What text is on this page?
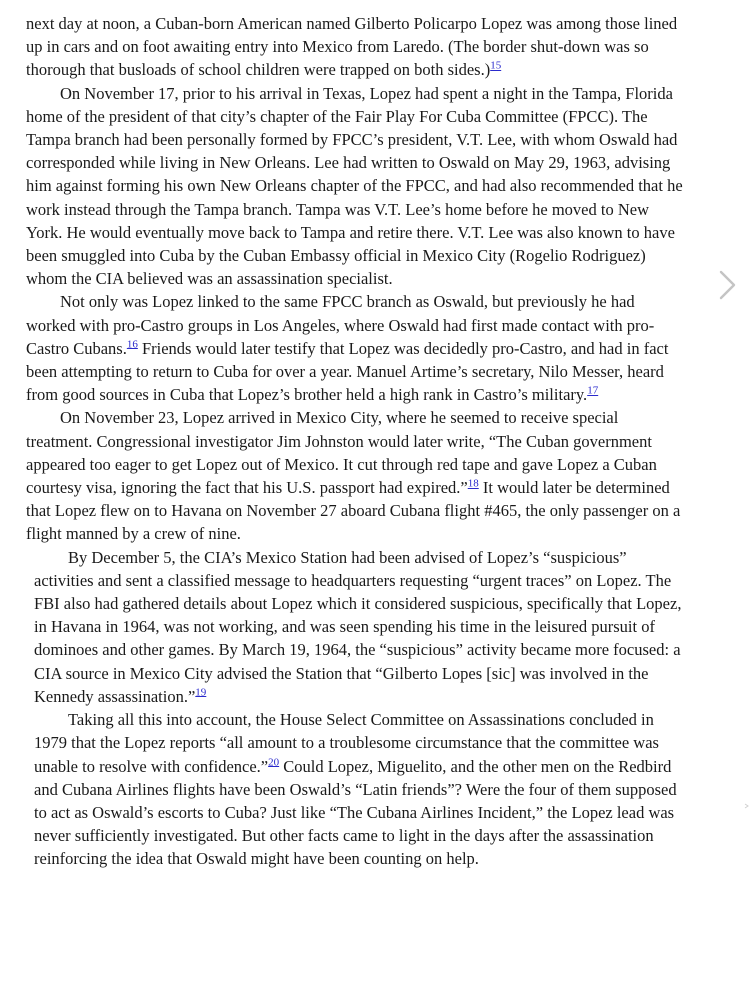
next day at noon, a Cuban-born American named Gilberto Policarpo Lopez was among those lined up in cars and on foot awaiting entry into Mexico from Laredo. (The border shut-down was so thorough that busloads of school children were trapped on both sides.)$^{15}$

On November 17, prior to his arrival in Texas, Lopez had spent a night in the Tampa, Florida home of the president of that city’s chapter of the Fair Play For Cuba Committee (FPCC). The Tampa branch had been personally formed by FPCC’s president, V.T. Lee, with whom Oswald had corresponded while living in New Orleans. Lee had written to Oswald on May 29, 1963, advising him against forming his own New Orleans chapter of the FPCC, and had also recommended that he work instead through the Tampa branch. Tampa was V.T. Lee’s home before he moved to New York. He would eventually move back to Tampa and retire there. V.T. Lee was also known to have been smuggled into Cuba by the Cuban Embassy official in Mexico City (Rogelio Rodriguez) whom the CIA believed was an assassination specialist.

Not only was Lopez linked to the same FPCC branch as Oswald, but previously he had worked with pro-Castro groups in Los Angeles, where Oswald had first made contact with pro-Castro Cubans.$^{16}$ Friends would later testify that Lopez was decidedly pro-Castro, and had in fact been attempting to return to Cuba for over a year. Manuel Artime’s secretary, Nilo Messer, heard from good sources in Cuba that Lopez’s brother held a high rank in Castro’s military.$^{17}$

On November 23, Lopez arrived in Mexico City, where he seemed to receive special treatment. Congressional investigator Jim Johnston would later write, “The Cuban government appeared too eager to get Lopez out of Mexico. It cut through red tape and gave Lopez a Cuban courtesy visa, ignoring the fact that his U.S. passport had expired.”$^{18}$ It would later be determined that Lopez flew on to Havana on November 27 aboard Cubana flight #465, the only passenger on a flight manned by a crew of nine.

By December 5, the CIA’s Mexico Station had been advised of Lopez’s “suspicious” activities and sent a classified message to headquarters requesting “urgent traces” on Lopez. The FBI also had gathered details about Lopez which it considered suspicious, specifically that Lopez, in Havana in 1964, was not working, and was seen spending his time in the leisured pursuit of dominoes and other games. By March 19, 1964, the “suspicious” activity became more focused: a CIA source in Mexico City advised the Station that “Gilberto Lopes [sic] was involved in the Kennedy assassination.”$^{19}$

Taking all this into account, the House Select Committee on Assassinations concluded in 1979 that the Lopez reports “all amount to a troublesome circumstance that the committee was unable to resolve with confidence.”$^{20}$ Could Lopez, Miguelito, and the other men on the Redbird and Cubana Airlines flights have been Oswald’s “Latin friends”? Were the four of them supposed to act as Oswald’s escorts to Cuba? Just like “The Cubana Airlines Incident,” the Lopez lead was never sufficiently investigated. But other facts came to light in the days after the assassination reinforcing the idea that Oswald might have been counting on help.
